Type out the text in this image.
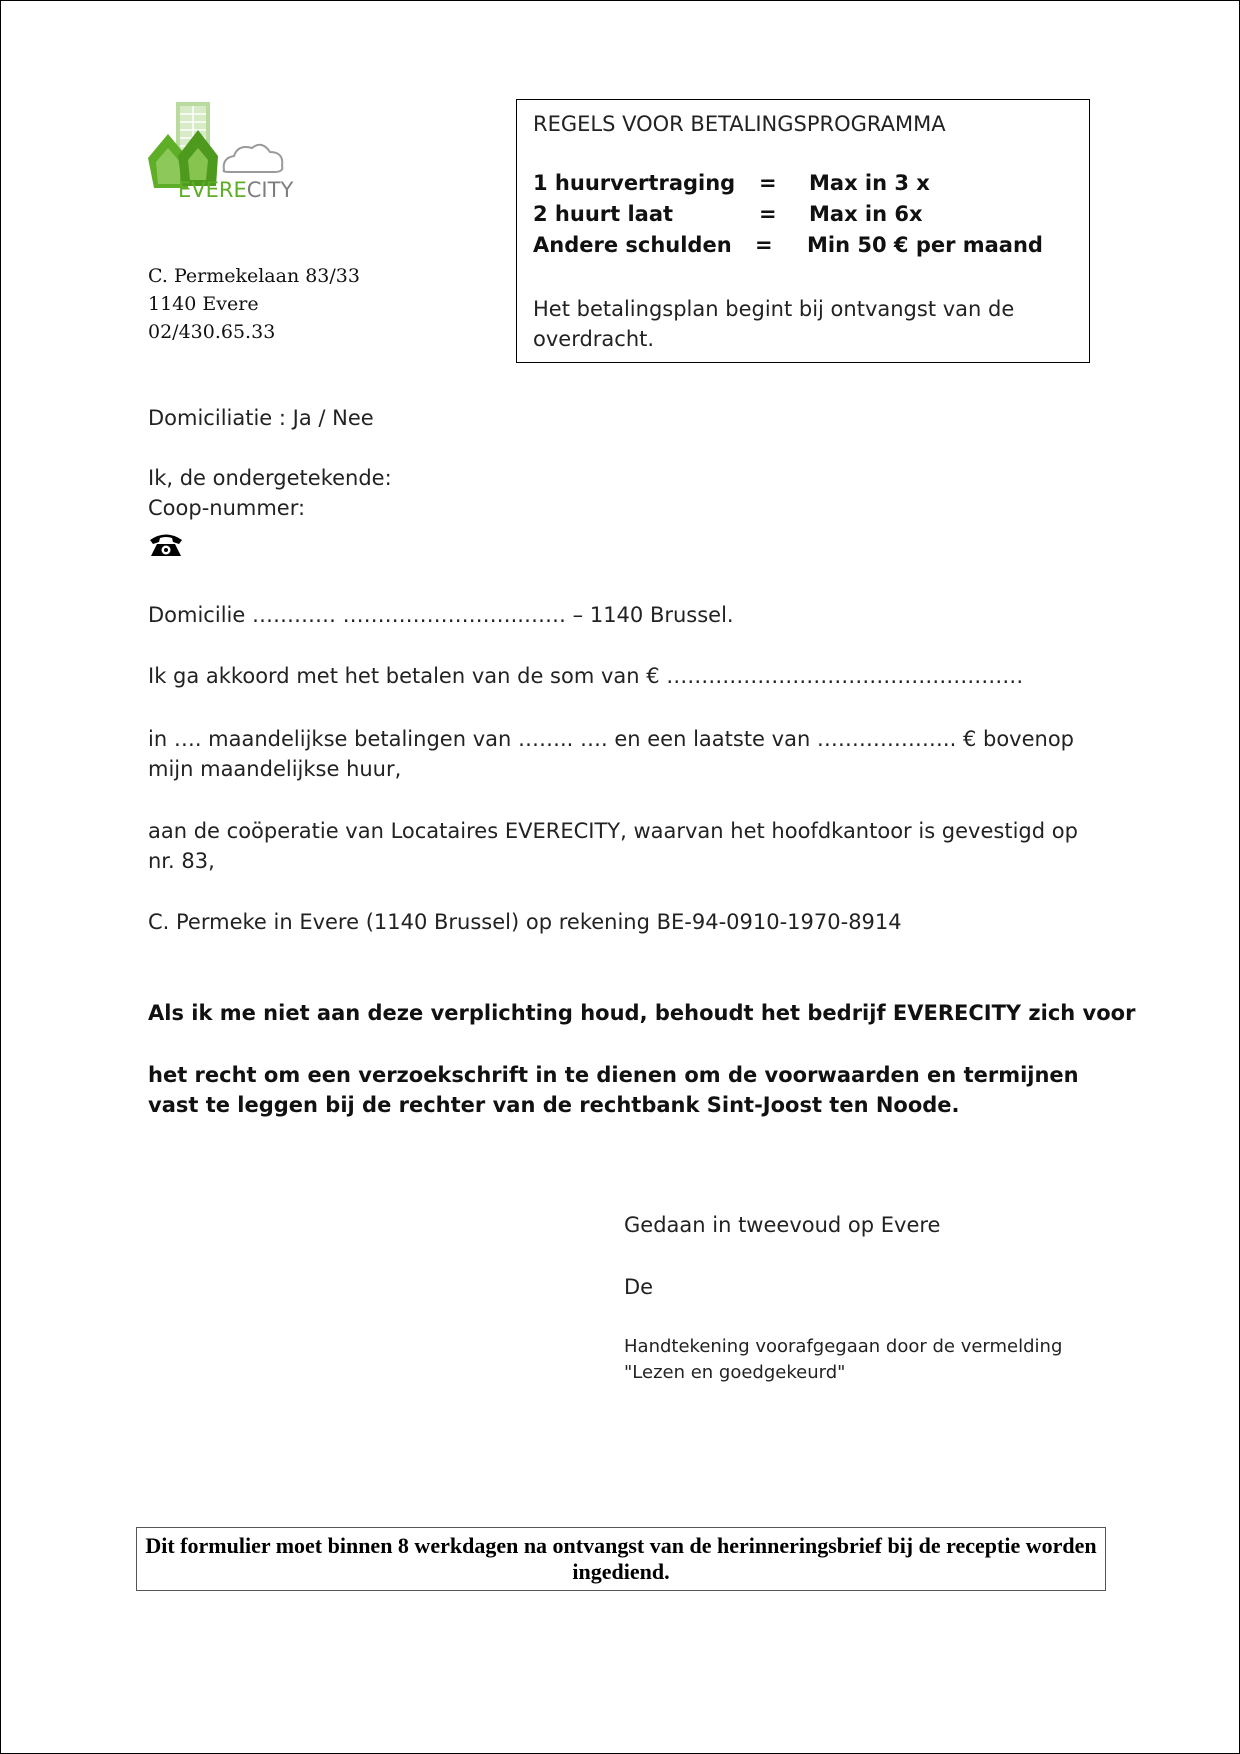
EVERECITY
C. Permekelaan 83/33
1140 Evere
02/430.65.33
REGELS VOOR BETALINGSPROGRAMMA
1 huurvertraging = Max in 3 x
2 huurt laat	= Max in 6x
Andere schulden = Min 50 € per maand
Het betalingsplan begint bij ontvangst van de overdracht.
Domiciliatie : Ja / Nee
Ik, de ondergetekende:
Coop-nummer:
Domicilie ………… ……………………..…… – 1140 Brussel.
Ik ga akkoord met het betalen van de som van € ……………………………………………
in …. maandelijkse betalingen van …….. …. en een laatste van ……………….. € bovenop mijn maandelijkse huur,
aan de coöperatie van Locataires EVERECITY, waarvan het hoofdkantoor is gevestigd op nr. 83,
C. Permeke in Evere (1140 Brussel) op rekening BE-94-0910-1970-8914
Als ik me niet aan deze verplichting houd, behoudt het bedrijf EVERECITY zich voor
het recht om een verzoekschrift in te dienen om de voorwaarden en termijnen vast te leggen bij de rechter van de rechtbank Sint-Joost ten Noode.
Gedaan in tweevoud op Evere
De
Handtekening voorafgegaan door de vermelding "Lezen en goedgekeurd"
Dit formulier moet binnen 8 werkdagen na ontvangst van de herinneringsbrief bij de receptie worden ingediend.
